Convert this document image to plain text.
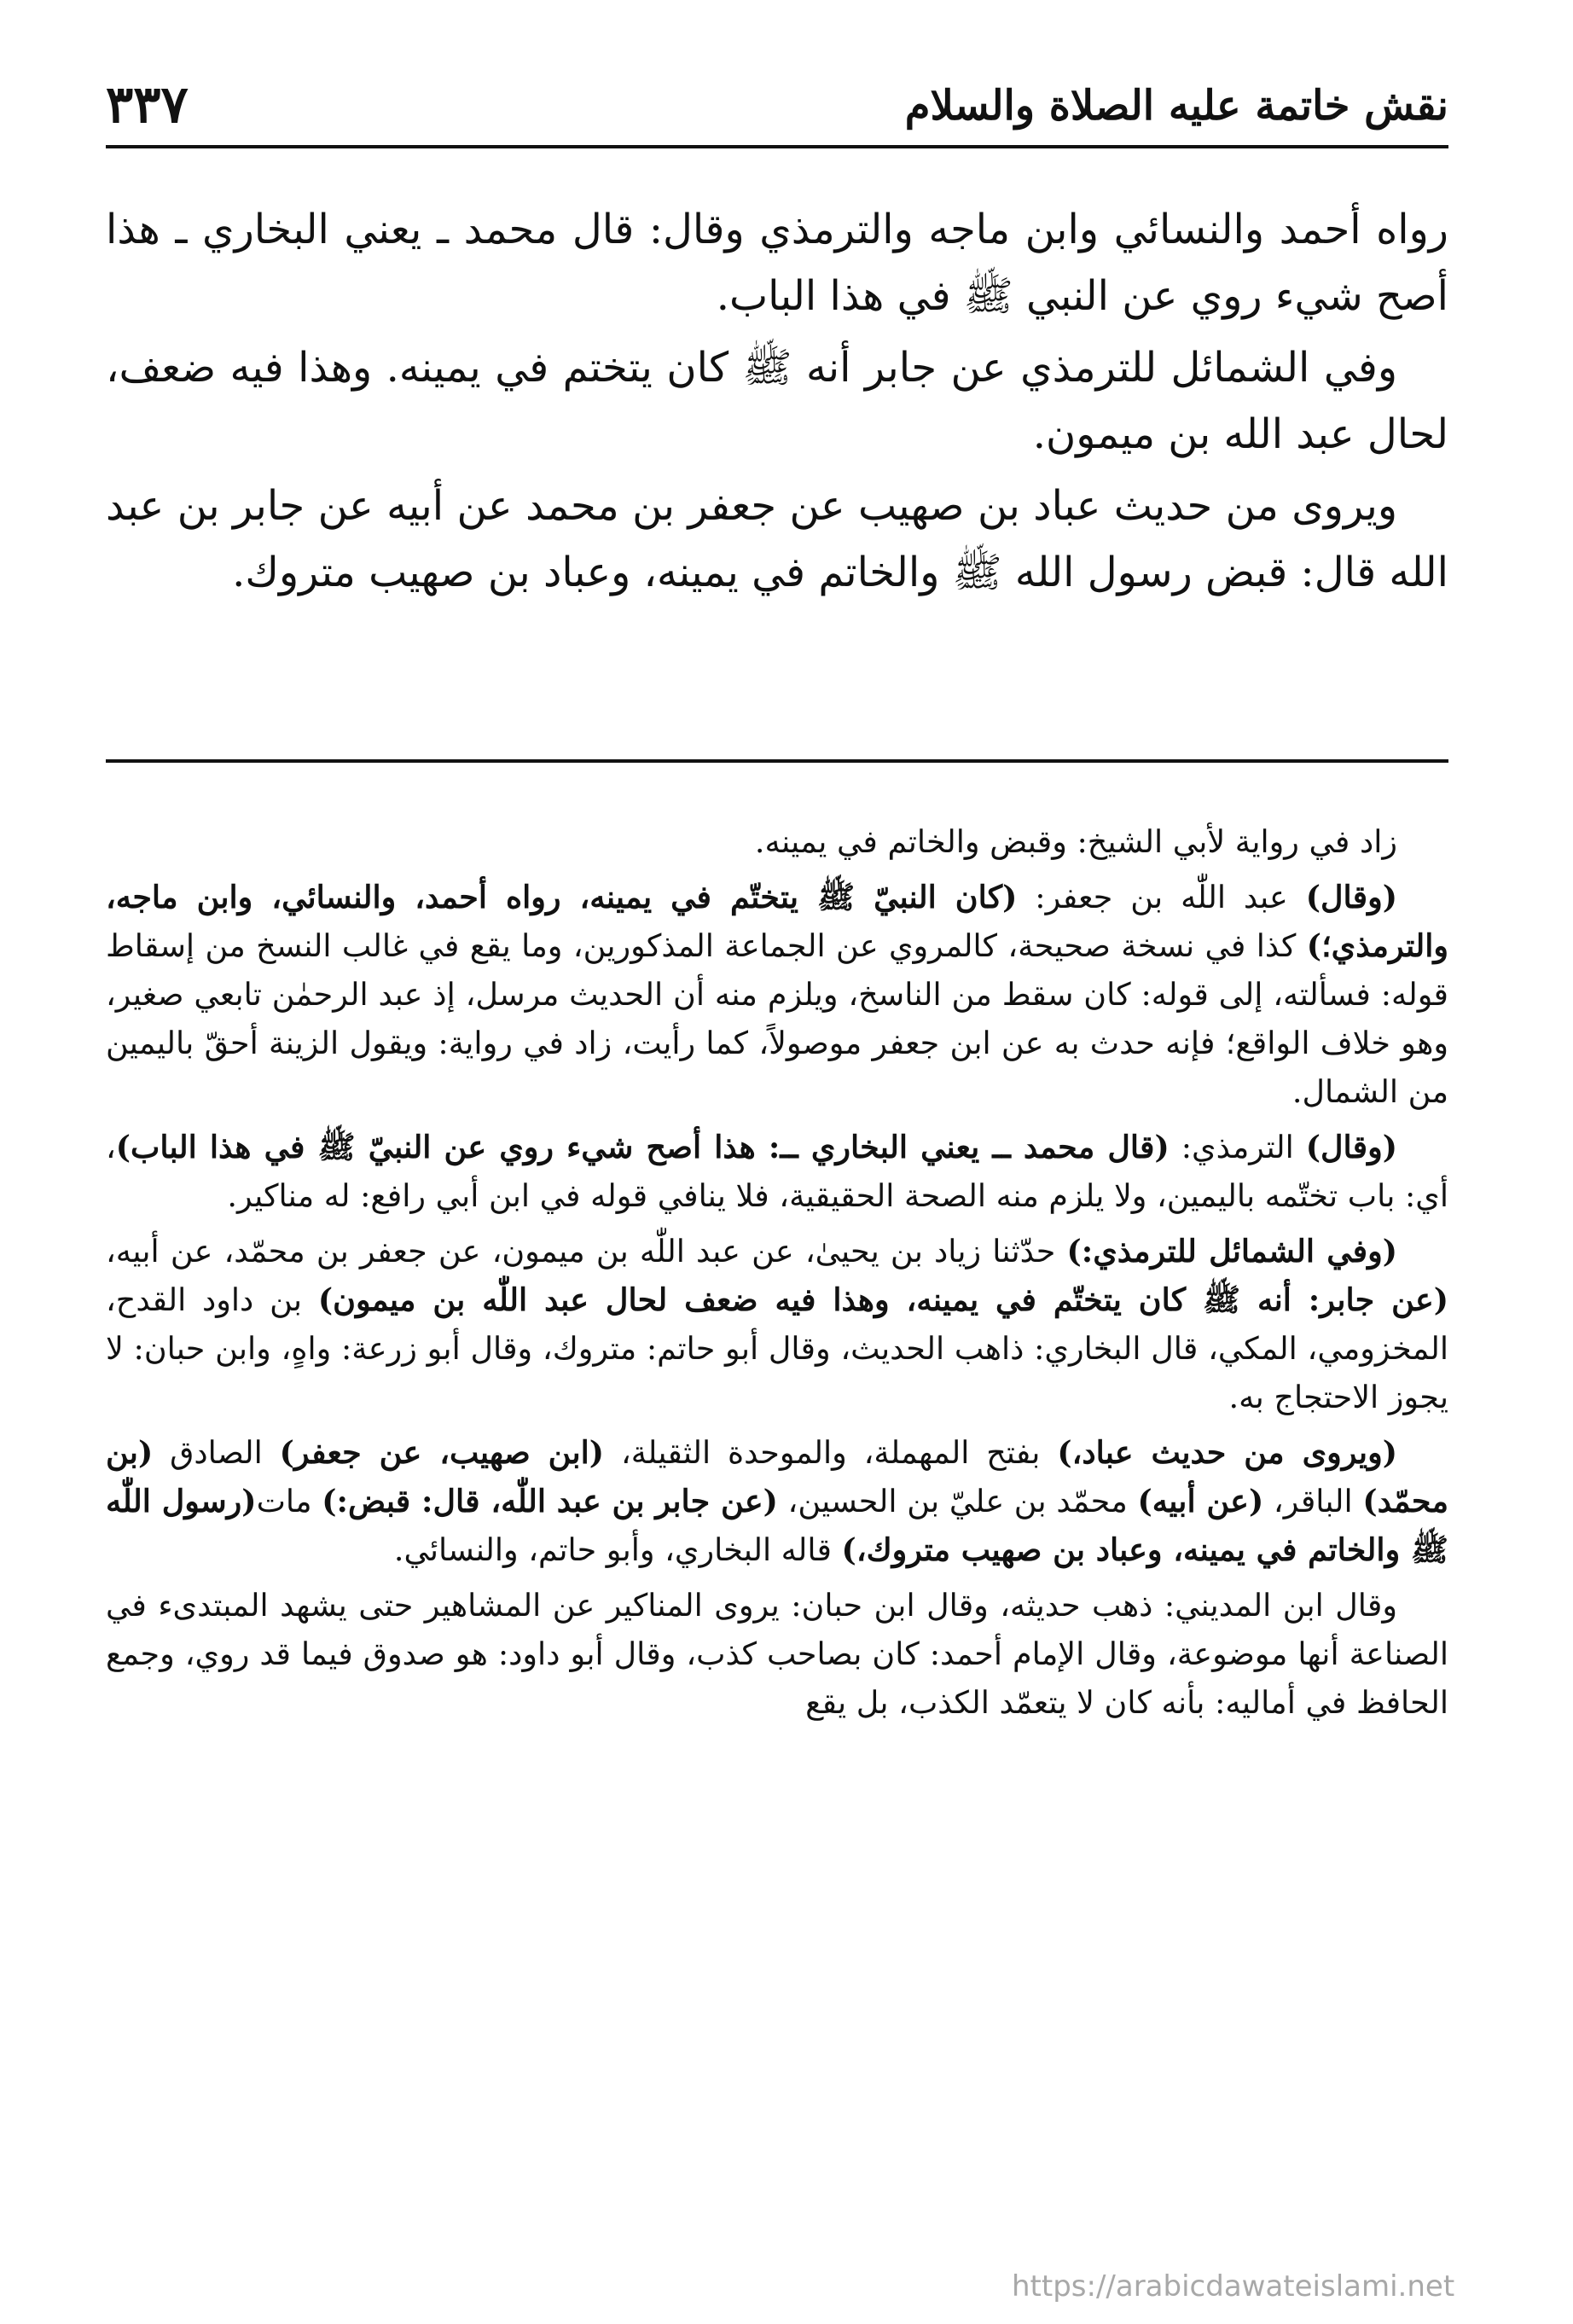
نقش خاتمة عليه الصلاة والسلام
٣٣٧

رواه أحمد والنسائي وابن ماجه والترمذي وقال: قال محمد ـ يعني البخاري ـ هذا أصح شيء روي عن النبي ﷺ في هذا الباب.

وفي الشمائل للترمذي عن جابر أنه ﷺ كان يتختم في يمينه. وهذا فيه ضعف، لحال عبد الله بن ميمون.

ويروى من حديث عباد بن صهيب عن جعفر بن محمد عن أبيه عن جابر بن عبد الله قال: قبض رسول الله ﷺ والخاتم في يمينه، وعباد بن صهيب متروك.

زاد في رواية لأبي الشيخ: وقبض والخاتم في يمينه.

(وقال) عبد اللّٰه بن جعفر: (كان النبيّ ﷺ يتختّم في يمينه، رواه أحمد، والنسائي، وابن ماجه، والترمذي؛) كذا في نسخة صحيحة، كالمروي عن الجماعة المذكورين، وما يقع في غالب النسخ من إسقاط قوله: فسألته، إلى قوله: كان سقط من الناسخ، ويلزم منه أن الحديث مرسل، إذ عبد الرحمٰن تابعي صغير، وهو خلاف الواقع؛ فإنه حدث به عن ابن جعفر موصولاً، كما رأيت، زاد في رواية: ويقول الزينة أحقّ باليمين من الشمال.

(وقال) الترمذي: (قال محمد ــ يعني البخاري ــ: هذا أصح شيء روي عن النبيّ ﷺ في هذا الباب)، أي: باب تختّمه باليمين، ولا يلزم منه الصحة الحقيقية، فلا ينافي قوله في ابن أبي رافع: له مناكير.

(وفي الشمائل للترمذي:) حدّثنا زياد بن يحيىٰ، عن عبد اللّٰه بن ميمون، عن جعفر بن محمّد، عن أبيه، (عن جابر: أنه ﷺ كان يتختّم في يمينه، وهذا فيه ضعف لحال عبد اللّٰه بن ميمون) بن داود القدح، المخزومي، المكي، قال البخاري: ذاهب الحديث، وقال أبو حاتم: متروك، وقال أبو زرعة: واهٍ، وابن حبان: لا يجوز الاحتجاج به.

(ويروى من حديث عباد،) بفتح المهملة، والموحدة الثقيلة، (ابن صهيب، عن جعفر) الصادق (بن محمّد) الباقر، (عن أبيه) محمّد بن عليّ بن الحسين، (عن جابر بن عبد اللّٰه، قال: قبض:) مات(رسول اللّٰه ﷺ والخاتم في يمينه، وعباد بن صهيب متروك،) قاله البخاري، وأبو حاتم، والنسائي.

وقال ابن المديني: ذهب حديثه، وقال ابن حبان: يروى المناكير عن المشاهير حتى يشهد المبتدىء في الصناعة أنها موضوعة، وقال الإمام أحمد: كان بصاحب كذب، وقال أبو داود: هو صدوق فيما قد روي، وجمع الحافظ في أماليه: بأنه كان لا يتعمّد الكذب، بل يقع

https://arabicdawateislami.net
